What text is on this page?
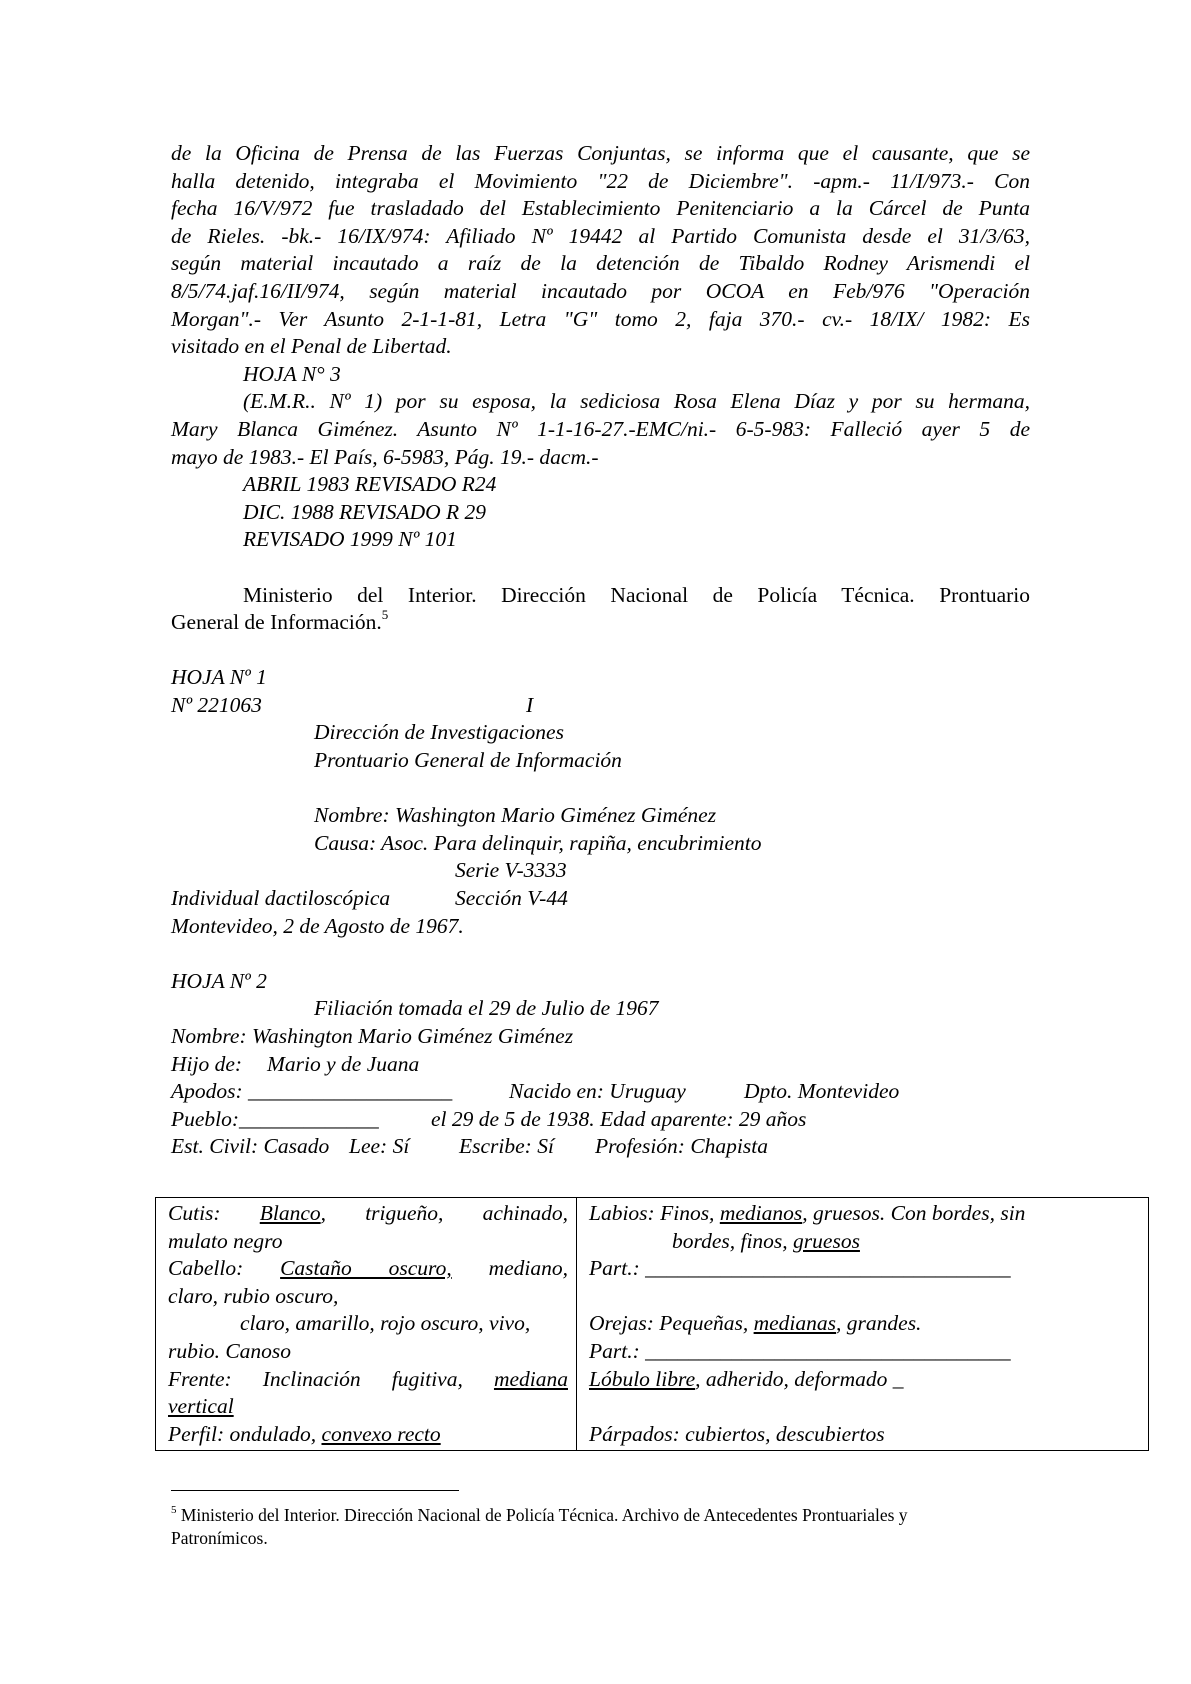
de la Oficina de Prensa de las Fuerzas Conjuntas, se informa que el causante, que se
halla detenido, integraba el Movimiento "22 de Diciembre". -apm.- 11/I/973.- Con
fecha 16/V/972 fue trasladado del Establecimiento Penitenciario a la Cárcel de Punta
de Rieles. -bk.- 16/IX/974: Afiliado Nº 19442 al Partido Comunista desde el 31/3/63,
según material incautado a raíz de la detención de Tibaldo Rodney Arismendi el
8/5/74.jaf.16/II/974, según material incautado por OCOA en Feb/976 "Operación
Morgan".- Ver Asunto 2-1-1-81, Letra "G" tomo 2, faja 370.- cv.- 18/IX/ 1982: Es
visitado en el Penal de Libertad.
HOJA N° 3
(E.M.R.. Nº 1) por su esposa, la sediciosa Rosa Elena Díaz y por su hermana,
Mary Blanca Giménez. Asunto Nº 1-1-16-27.-EMC/ni.- 6-5-983: Falleció ayer 5 de
mayo de 1983.- El País, 6-5983, Pág. 19.- dacm.-
ABRIL 1983 REVISADO R24
DIC. 1988 REVISADO R 29
REVISADO 1999 Nº 101
Ministerio del Interior. Dirección Nacional de Policía Técnica. Prontuario
General de Información.$^5$
HOJA Nº 1
Nº 221063	I
Dirección de Investigaciones
Prontuario General de Información
Nombre: Washington Mario Giménez Giménez
Causa: Asoc. Para delinquir, rapiña, encubrimiento
Serie V-3333
Individual dactiloscópica	Sección V-44
Montevideo, 2 de Agosto de 1967.
HOJA Nº 2
Filiación tomada el 29 de Julio de 1967
Nombre: Washington Mario Giménez Giménez
Hijo de: Mario y de Juana
Apodos: ___________________	Nacido en: Uruguay	Dpto. Montevideo
Pueblo:_____________ el 29 de 5 de 1938. Edad aparente: 29 años
Est. Civil: Casado Lee: Sí Escribe: Sí Profesión: Chapista
Cutis: Blanco, trigueño, achinado,
mulato negro
Cabello: Castaño oscuro, mediano,
claro, rubio oscuro,
claro, amarillo, rojo oscuro, vivo,
rubio. Canoso
Frente: Inclinación fugitiva, mediana
vertical
Perfil: ondulado, convexo recto

Labios: Finos, medianos, gruesos. Con bordes, sin
bordes, finos, gruesos
Part.: __________________________________

Orejas: Pequeñas, medianas, grandes.
Part.: __________________________________
Lóbulo libre, adherido, deformado _

Párpados: cubiertos, descubiertos
$^5$ Ministerio del Interior. Dirección Nacional de Policía Técnica. Archivo de Antecedentes Prontuariales y
Patronímicos.
